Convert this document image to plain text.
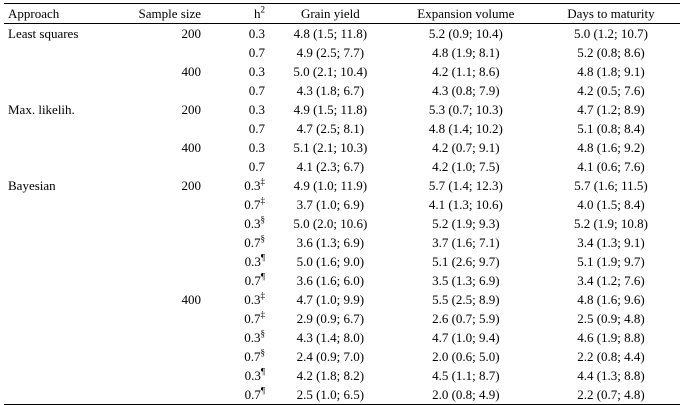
Approach	Sample size	$h^2$	Grain yield	Expansion volume	Days to maturity
Least squares	200	0.3	4.8 (1.5; 11.8)	5.2 (0.9; 10.4)	5.0 (1.2; 10.7)
		0.7	4.9 (2.5; 7.7)	4.8 (1.9; 8.1)	5.2 (0.8; 8.6)
	400	0.3	5.0 (2.1; 10.4)	4.2 (1.1; 8.6)	4.8 (1.8; 9.1)
		0.7	4.3 (1.8; 6.7)	4.3 (0.8; 7.9)	4.2 (0.5; 7.6)
Max. likelih.	200	0.3	4.9 (1.5; 11.8)	5.3 (0.7; 10.3)	4.7 (1.2; 8.9)
		0.7	4.7 (2.5; 8.1)	4.8 (1.4; 10.2)	5.1 (0.8; 8.4)
	400	0.3	5.1 (2.1; 10.3)	4.2 (0.7; 9.1)	4.8 (1.6; 9.2)
		0.7	4.1 (2.3; 6.7)	4.2 (1.0; 7.5)	4.1 (0.6; 7.6)
Bayesian	200	0.3‡	4.9 (1.0; 11.9)	5.7 (1.4; 12.3)	5.7 (1.6; 11.5)
		0.7‡	3.7 (1.0; 6.9)	4.1 (1.3; 10.6)	4.0 (1.5; 8.4)
		0.3§	5.0 (2.0; 10.6)	5.2 (1.9; 9.3)	5.2 (1.9; 10.8)
		0.7§	3.6 (1.3; 6.9)	3.7 (1.6; 7.1)	3.4 (1.3; 9.1)
		0.3¶	5.0 (1.6; 9.0)	5.1 (2.6; 9.7)	5.1 (1.9; 9.7)
		0.7¶	3.6 (1.6; 6.0)	3.5 (1.3; 6.9)	3.4 (1.2; 7.6)
	400	0.3‡	4.7 (1.0; 9.9)	5.5 (2.5; 8.9)	4.8 (1.6; 9.6)
		0.7‡	2.9 (0.9; 6.7)	2.6 (0.7; 5.9)	2.5 (0.9; 4.8)
		0.3§	4.3 (1.4; 8.0)	4.7 (1.0; 9.4)	4.6 (1.9; 8.8)
		0.7§	2.4 (0.9; 7.0)	2.0 (0.6; 5.0)	2.2 (0.8; 4.4)
		0.3¶	4.2 (1.8; 8.2)	4.5 (1.1; 8.7)	4.4 (1.3; 8.8)
		0.7¶	2.5 (1.0; 6.5)	2.0 (0.8; 4.9)	2.2 (0.7; 4.8)
